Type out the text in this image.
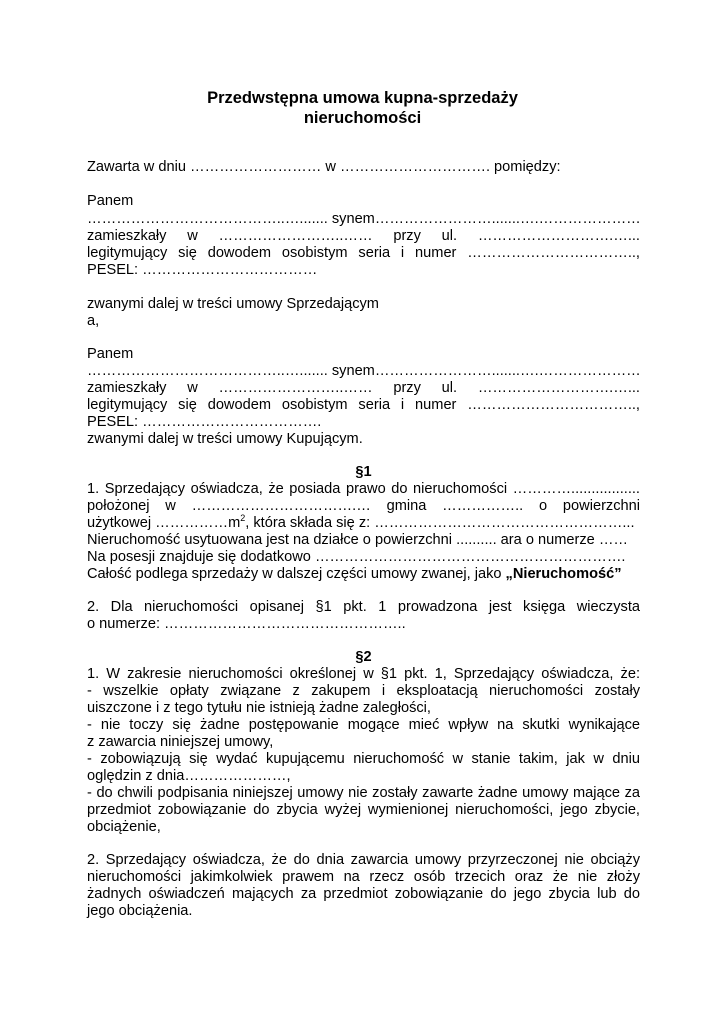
Przedwstępna umowa kupna-sprzedaży
nieruchomości
Zawarta w dniu ……………………… w …………………………. pomiędzy:
Panem
…………………………………..…....... synem…………………….......….…………………
zamieszkały w ……………………..…… przy ul. ……………………….…...
legitymujący się dowodem osobistym seria i numer ……………………………..,
PESEL: ………………………………
zwanymi dalej w treści umowy Sprzedającym
a,
Panem
…………………………………..…....... synem…………………….......….…………………
zamieszkały w ……………………..…… przy ul. ……………………….…...
legitymujący się dowodem osobistym seria i numer ……………………………..,
PESEL: ……………………………….
zwanymi dalej w treści umowy Kupującym.
§1
1. Sprzedający oświadcza, że posiada prawo do nieruchomości ………….................
położonej w …………………………….… gmina …………….. o powierzchni
użytkowej $\dots\dots\dots\dots\dots m^2$, która składa się z: ……………………………………………...
Nieruchomość usytuowana jest na działce o powierzchni .......... ara o numerze ……
Na posesji znajduje się dodatkowo ……………………………………………………….
Całość podlega sprzedaży w dalszej części umowy zwanej, jako „Nieruchomość”
2. Dla nieruchomości opisanej §1 pkt. 1 prowadzona jest księga wieczysta
o numerze: …………………………………………..
§2
1. W zakresie nieruchomości określonej w §1 pkt. 1, Sprzedający oświadcza, że:
- wszelkie opłaty związane z zakupem i eksploatacją nieruchomości zostały
uiszczone i z tego tytułu nie istnieją żadne zaległości,
- nie toczy się żadne postępowanie mogące mieć wpływ na skutki wynikające
z zawarcia niniejszej umowy,
- zobowiązują się wydać kupującemu nieruchomość w stanie takim, jak w dniu
oględzin z dnia…………………,
- do chwili podpisania niniejszej umowy nie zostały zawarte żadne umowy mające za
przedmiot zobowiązanie do zbycia wyżej wymienionej nieruchomości, jego zbycie,
obciążenie,
2. Sprzedający oświadcza, że do dnia zawarcia umowy przyrzeczonej nie obciąży
nieruchomości jakimkolwiek prawem na rzecz osób trzecich oraz że nie złoży
żadnych oświadczeń mających za przedmiot zobowiązanie do jego zbycia lub do
jego obciążenia.
